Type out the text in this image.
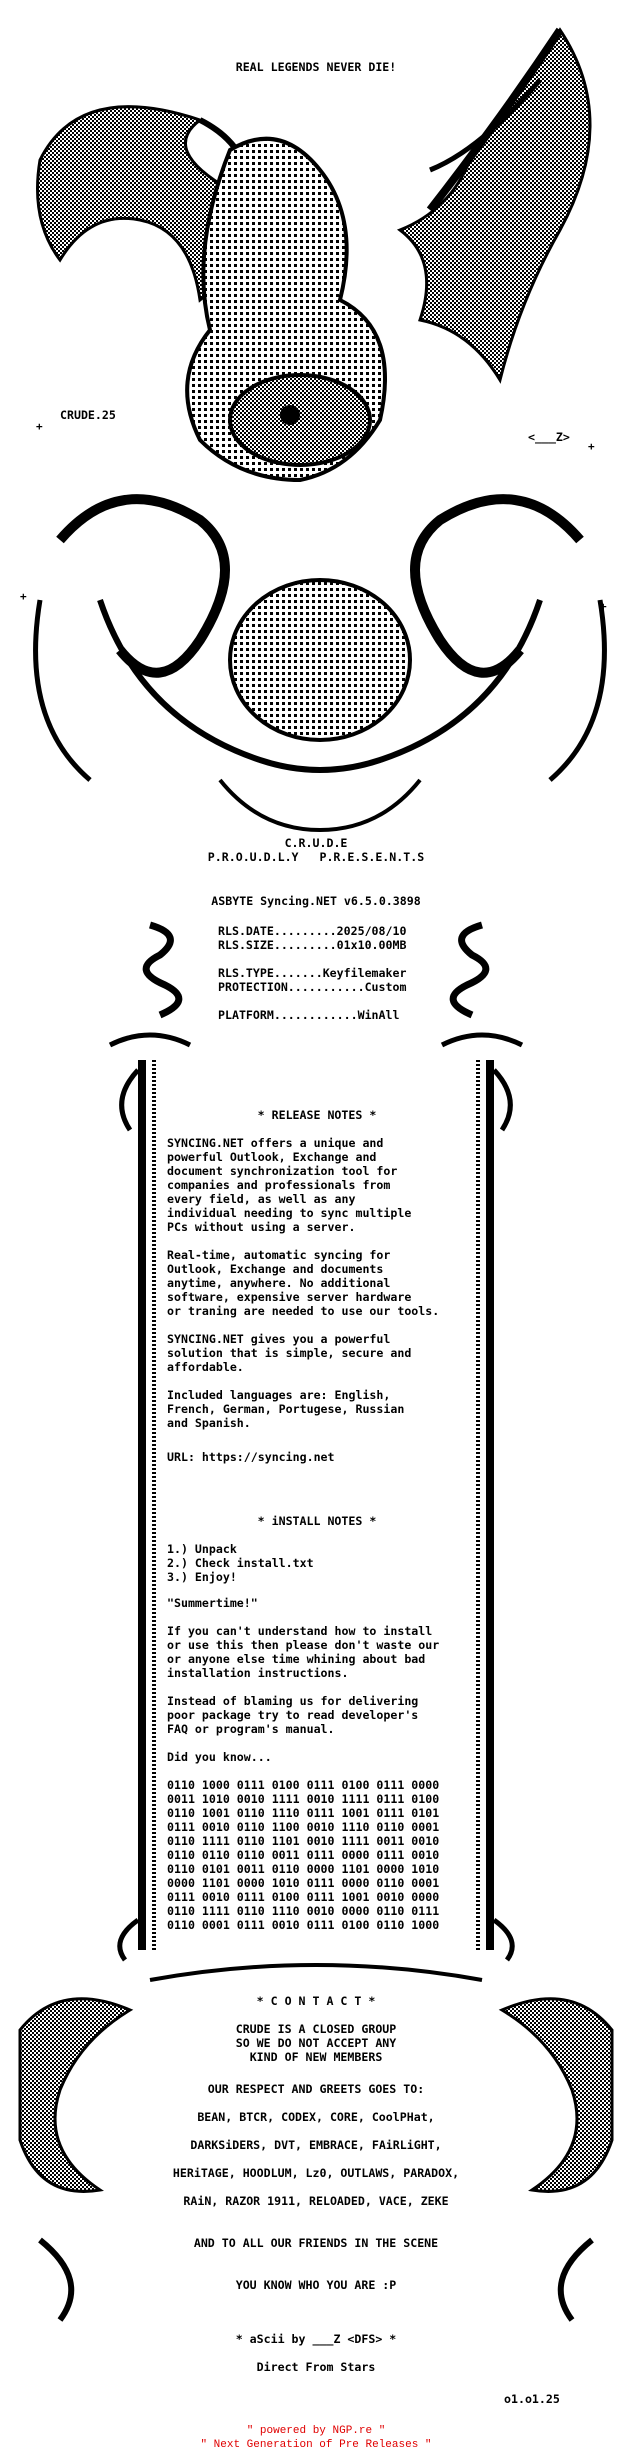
REAL LEGENDS NEVER DIE!
+
+
+
+
CRUDE.25
<___Z>
C.R.U.D.E
P.R.O.U.D.L.Y   P.R.E.S.E.N.T.S
ASBYTE Syncing.NET v6.5.0.3898
RLS.DATE.........2025/08/10
RLS.SIZE.........01x10.00MB
RLS.TYPE.......Keyfilemaker
PROTECTION...........Custom
PLATFORM............WinAll
* RELEASE NOTES *
SYNCING.NET offers a unique and
powerful Outlook, Exchange and
document synchronization tool for
companies and professionals from
every field, as well as any
individual needing to sync multiple
PCs without using a server.
Real-time, automatic syncing for
Outlook, Exchange and documents
anytime, anywhere. No additional
software, expensive server hardware
or traning are needed to use our tools.
SYNCING.NET gives you a powerful
solution that is simple, secure and
affordable.
Included languages are: English,
French, German, Portugese, Russian
and Spanish.
URL: https://syncing.net
* iNSTALL NOTES *
1.) Unpack
2.) Check install.txt
3.) Enjoy!
"Summertime!"
If you can't understand how to install
or use this then please don't waste our
or anyone else time whining about bad
installation instructions.
Instead of blaming us for delivering
poor package try to read developer's
FAQ or program's manual.
Did you know...
0110 1000 0111 0100 0111 0100 0111 0000
0011 1010 0010 1111 0010 1111 0111 0100
0110 1001 0110 1110 0111 1001 0111 0101
0111 0010 0110 1100 0010 1110 0110 0001
0110 1111 0110 1101 0010 1111 0011 0010
0110 0110 0110 0011 0111 0000 0111 0010
0110 0101 0011 0110 0000 1101 0000 1010
0000 1101 0000 1010 0111 0000 0110 0001
0111 0010 0111 0100 0111 1001 0010 0000
0110 1111 0110 1110 0010 0000 0110 0111
0110 0001 0111 0010 0111 0100 0110 1000
* C O N T A C T *
CRUDE IS A CLOSED GROUP
SO WE DO NOT ACCEPT ANY
KIND OF NEW MEMBERS
OUR RESPECT AND GREETS GOES TO:
BEAN, BTCR, CODEX, CORE, CoolPHat,
DARKSiDERS, DVT, EMBRACE, FAiRLiGHT,
HERiTAGE, HOODLUM, Lz0, OUTLAWS, PARADOX,
RAiN, RAZOR 1911, RELOADED, VACE, ZEKE
AND TO ALL OUR FRIENDS IN THE SCENE
YOU KNOW WHO YOU ARE :P
* aScii by ___Z <DFS> *
Direct From Stars
o1.o1.25
" powered by NGP.re "
" Next Generation of Pre Releases "
